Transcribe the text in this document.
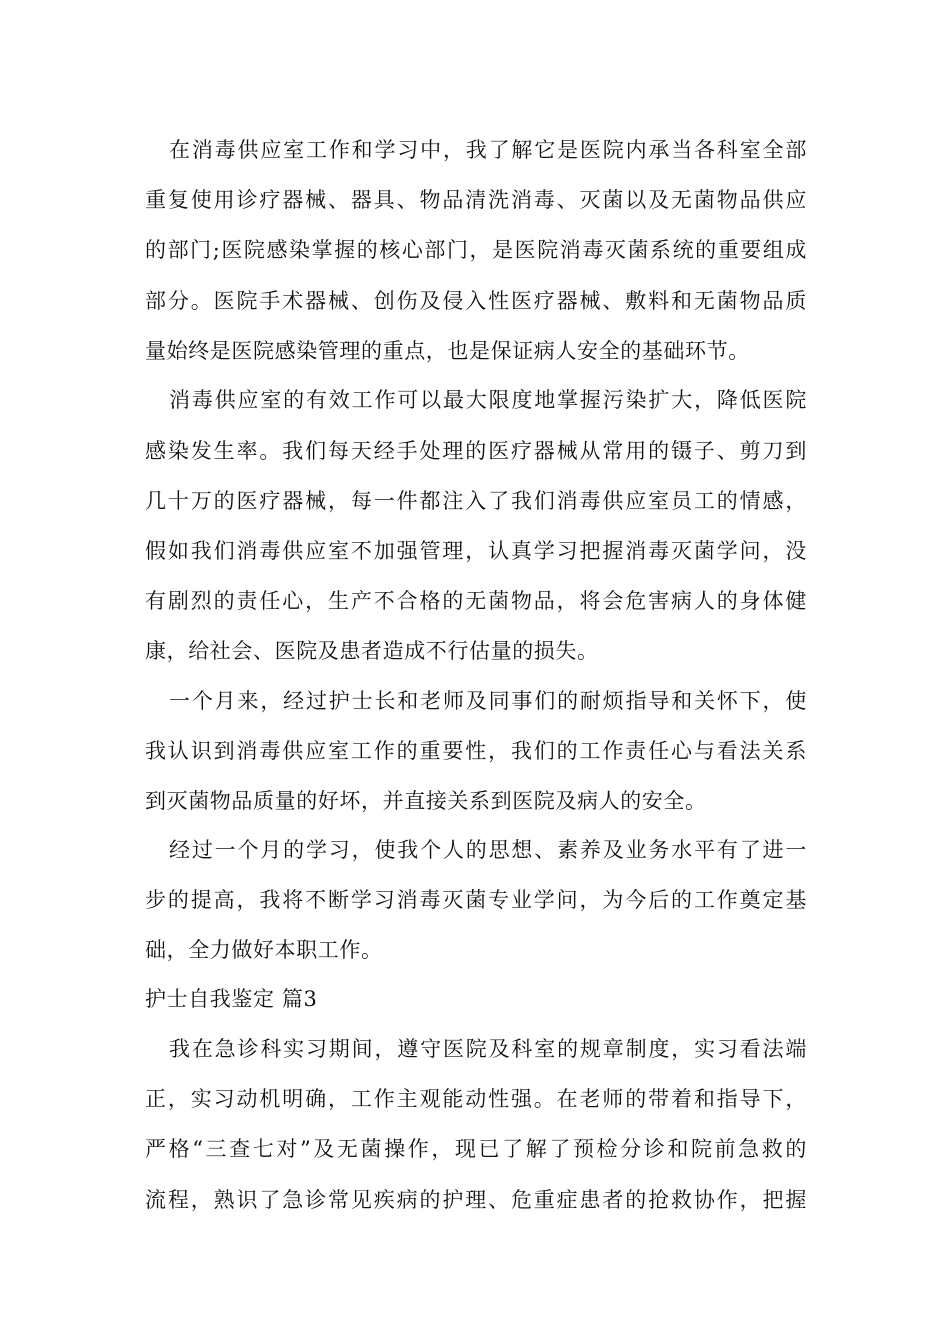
在消毒供应室工作和学习中，我了解它是医院内承当各科室全部
重复使用诊疗器械、器具、物品清洗消毒、灭菌以及无菌物品供应
的部门;医院感染掌握的核心部门，是医院消毒灭菌系统的重要组成
部分。医院手术器械、创伤及侵入性医疗器械、敷料和无菌物品质
量始终是医院感染管理的重点，也是保证病人安全的基础环节。
消毒供应室的有效工作可以最大限度地掌握污染扩大，降低医院
感染发生率。我们每天经手处理的医疗器械从常用的镊子、剪刀到
几十万的医疗器械，每一件都注入了我们消毒供应室员工的情感，
假如我们消毒供应室不加强管理，认真学习把握消毒灭菌学问，没
有剧烈的责任心，生产不合格的无菌物品，将会危害病人的身体健
康，给社会、医院及患者造成不行估量的损失。
一个月来，经过护士长和老师及同事们的耐烦指导和关怀下，使
我认识到消毒供应室工作的重要性，我们的工作责任心与看法关系
到灭菌物品质量的好坏，并直接关系到医院及病人的安全。
经过一个月的学习，使我个人的思想、素养及业务水平有了进一
步的提高，我将不断学习消毒灭菌专业学问，为今后的工作奠定基
础，全力做好本职工作。
护士自我鉴定 篇3
我在急诊科实习期间，遵守医院及科室的规章制度，实习看法端
正，实习动机明确，工作主观能动性强。在老师的带着和指导下，
严格“三查七对”及无菌操作，现已了解了预检分诊和院前急救的
流程，熟识了急诊常见疾病的护理、危重症患者的抢救协作，把握
